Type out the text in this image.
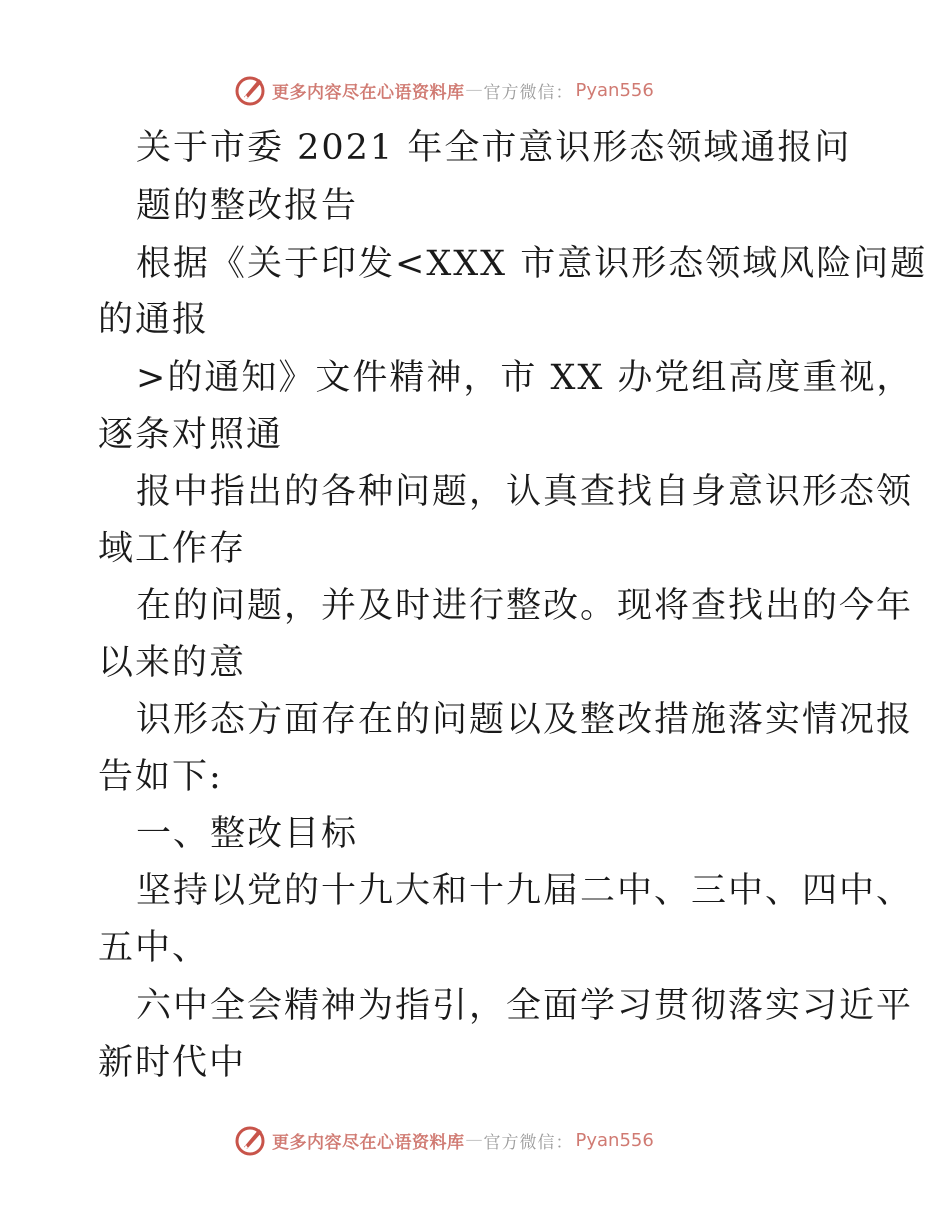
更多内容尽在心语资料库 — 官方微信： Pyan556
关于市委 2021 年全市意识形态领域通报问
题的整改报告
根据《关于印发<XXX 市意识形态领域风险问题
的通报
>的通知》文件精神，市 XX 办党组高度重视，
逐条对照通
报中指出的各种问题，认真查找自身意识形态领
域工作存
在的问题，并及时进行整改。现将查找出的今年
以来的意
识形态方面存在的问题以及整改措施落实情况报
告如下:
一、整改目标
坚持以党的十九大和十九届二中、三中、四中、
五中、
六中全会精神为指引，全面学习贯彻落实习近平
新时代中
更多内容尽在心语资料库 — 官方微信： Pyan556
